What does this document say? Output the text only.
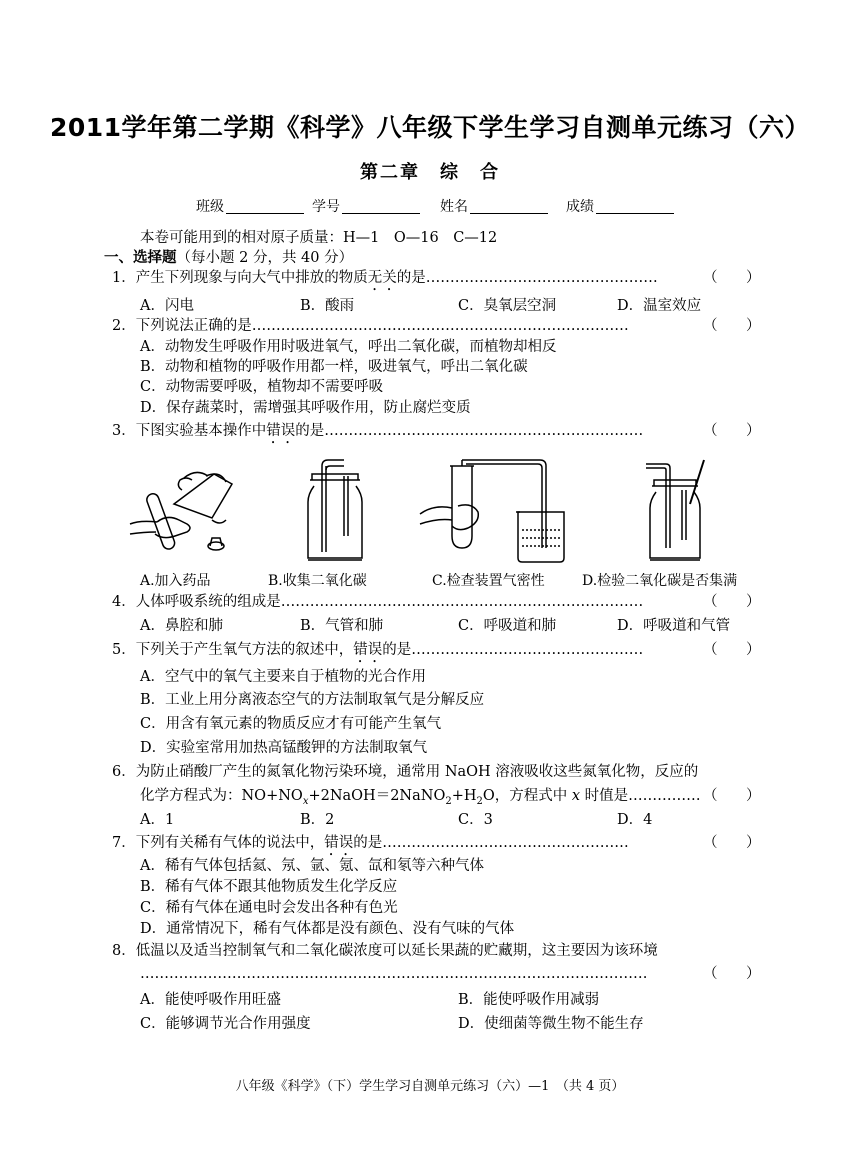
2011学年第二学期《科学》八年级下学生学习自测单元练习（六）
第二章　综　合
班级	学号	姓名	成绩
本卷可能用到的相对原子质量：H—1　O—16　C—12
一、选择题（每小题 2 分，共 40 分）
1．产生下列现象与向大气中排放的物质无关的是…………………………………………	（ ）
A．闪电	B．酸雨	C．臭氧层空洞	D．温室效应
2．下列说法正确的是……………………………………………………………………	（ ）
A．动物发生呼吸作用时吸进氧气，呼出二氧化碳，而植物却相反
B．动物和植物的呼吸作用都一样，吸进氧气，呼出二氧化碳
C．动物需要呼吸，植物却不需要呼吸
D．保存蔬菜时，需增强其呼吸作用，防止腐烂变质
3．下图实验基本操作中错误的是…………………………………………………………	（ ）
A.加入药品	B.收集二氧化碳	C.检查装置气密性	D.检验二氧化碳是否集满
4．人体呼吸系统的组成是…………………………………………………………………	（ ）
A．鼻腔和肺	B．气管和肺	C．呼吸道和肺	D．呼吸道和气管
5．下列关于产生氧气方法的叙述中，错误的是…………………………………………	（ ）
A．空气中的氧气主要来自于植物的光合作用
B．工业上用分离液态空气的方法制取氧气是分解反应
C．用含有氧元素的物质反应才有可能产生氧气
D．实验室常用加热高锰酸钾的方法制取氧气
6．为防止硝酸厂产生的氮氧化物污染环境，通常用 NaOH 溶液吸收这些氮氧化物，反应的
化学方程式为：$NO+NO_x+2NaOH=2NaNO_2+H_2O$，方程式中 x 时值是…………… （ ）
A．1	B．2	C．3	D．4
7．下列有关稀有气体的说法中，错误的是……………………………………………	（ ）
A．稀有气体包括氦、氖、氩、氪、氙和氡等六种气体
B．稀有气体不跟其他物质发生化学反应
C．稀有气体在通电时会发出各种有色光
D．通常情况下，稀有气体都是没有颜色、没有气味的气体
8．低温以及适当控制氧气和二氧化碳浓度可以延长果蔬的贮藏期，这主要因为该环境
……………………………………………………………………………………………	（ ）
A．能使呼吸作用旺盛	B．能使呼吸作用减弱
C．能够调节光合作用强度	D．使细菌等微生物不能生存
八年级《科学》（下）学生学习自测单元练习（六）—1　（共 4 页）
